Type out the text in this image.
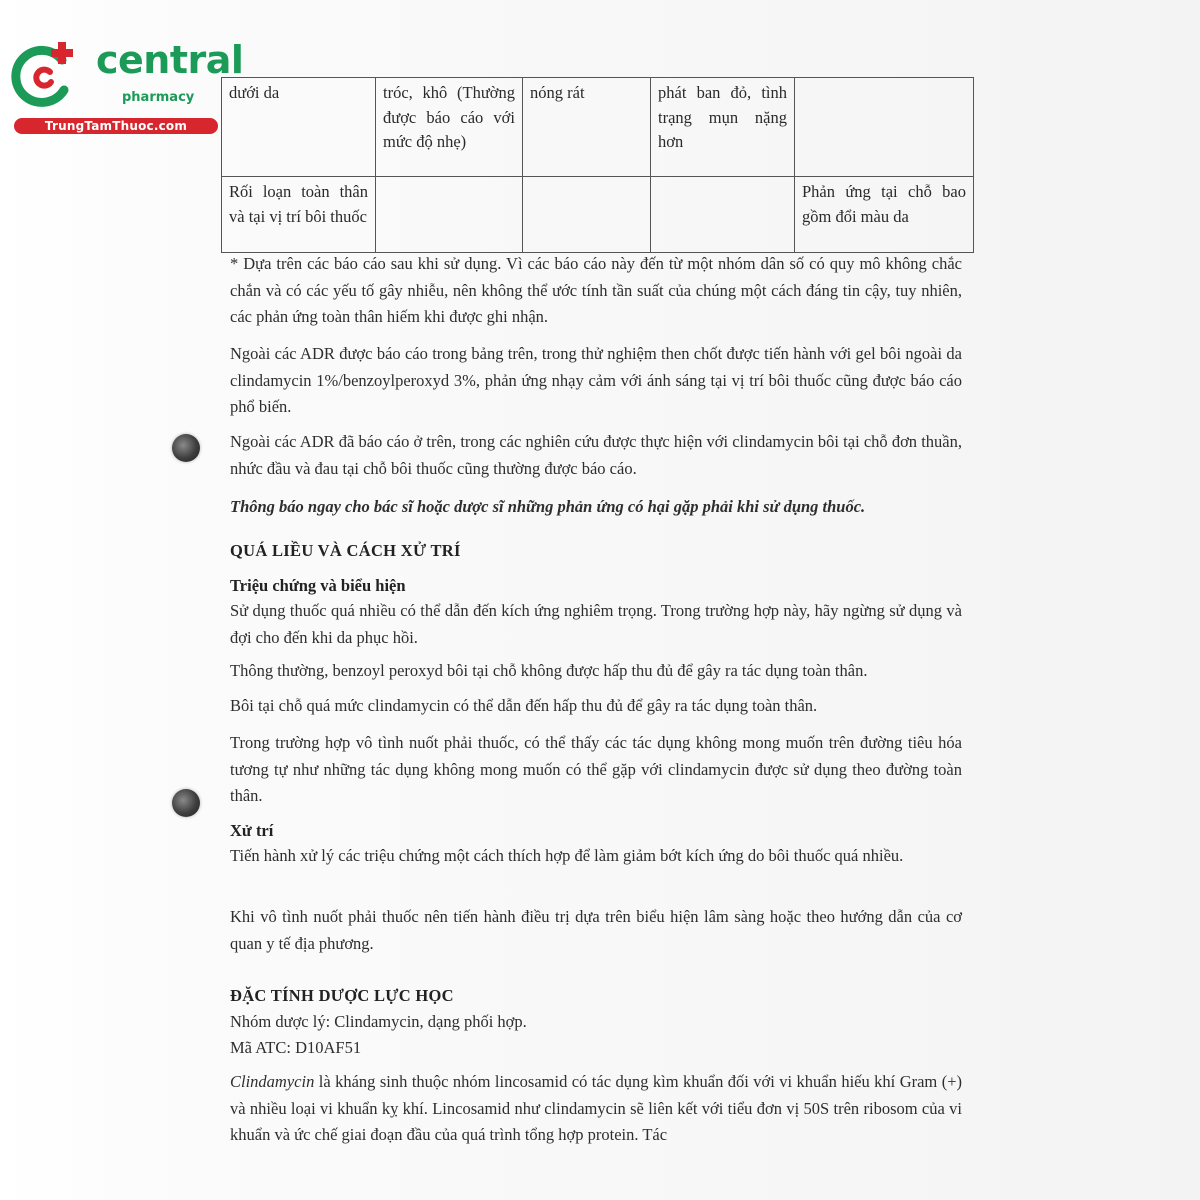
central
pharmacy
TrungTamThuoc.com
dưới da	tróc, khô (Thường được báo cáo với mức độ nhẹ)	nóng rát	phát ban đỏ, tình trạng mụn nặng hơn	
Rối loạn toàn thân và tại vị trí bôi thuốc				Phản ứng tại chỗ bao gồm đổi màu da
* Dựa trên các báo cáo sau khi sử dụng. Vì các báo cáo này đến từ một nhóm dân số có quy mô không chắc chắn và có các yếu tố gây nhiễu, nên không thể ước tính tần suất của chúng một cách đáng tin cậy, tuy nhiên, các phản ứng toàn thân hiếm khi được ghi nhận.
Ngoài các ADR được báo cáo trong bảng trên, trong thử nghiệm then chốt được tiến hành với gel bôi ngoài da clindamycin 1%/benzoylperoxyd 3%, phản ứng nhạy cảm với ánh sáng tại vị trí bôi thuốc cũng được báo cáo phổ biến.
Ngoài các ADR đã báo cáo ở trên, trong các nghiên cứu được thực hiện với clindamycin bôi tại chỗ đơn thuần, nhức đầu và đau tại chỗ bôi thuốc cũng thường được báo cáo.
Thông báo ngay cho bác sĩ hoặc dược sĩ những phản ứng có hại gặp phải khi sử dụng thuốc.
QUÁ LIỀU VÀ CÁCH XỬ TRÍ
Triệu chứng và biểu hiện
Sử dụng thuốc quá nhiều có thể dẫn đến kích ứng nghiêm trọng. Trong trường hợp này, hãy ngừng sử dụng và đợi cho đến khi da phục hồi.
Thông thường, benzoyl peroxyd bôi tại chỗ không được hấp thu đủ để gây ra tác dụng toàn thân.
Bôi tại chỗ quá mức clindamycin có thể dẫn đến hấp thu đủ để gây ra tác dụng toàn thân.
Trong trường hợp vô tình nuốt phải thuốc, có thể thấy các tác dụng không mong muốn trên đường tiêu hóa tương tự như những tác dụng không mong muốn có thể gặp với clindamycin được sử dụng theo đường toàn thân.
Xử trí
Tiến hành xử lý các triệu chứng một cách thích hợp để làm giảm bớt kích ứng do bôi thuốc quá nhiều.
Khi vô tình nuốt phải thuốc nên tiến hành điều trị dựa trên biểu hiện lâm sàng hoặc theo hướng dẫn của cơ quan y tế địa phương.
ĐẶC TÍNH DƯỢC LỰC HỌC
Nhóm dược lý: Clindamycin, dạng phối hợp.
Mã ATC: D10AF51
Clindamycin là kháng sinh thuộc nhóm lincosamid có tác dụng kìm khuẩn đối với vi khuẩn hiếu khí Gram (+) và nhiều loại vi khuẩn kỵ khí. Lincosamid như clindamycin sẽ liên kết với tiểu đơn vị 50S trên ribosom của vi khuẩn và ức chế giai đoạn đầu của quá trình tổng hợp protein. Tác
